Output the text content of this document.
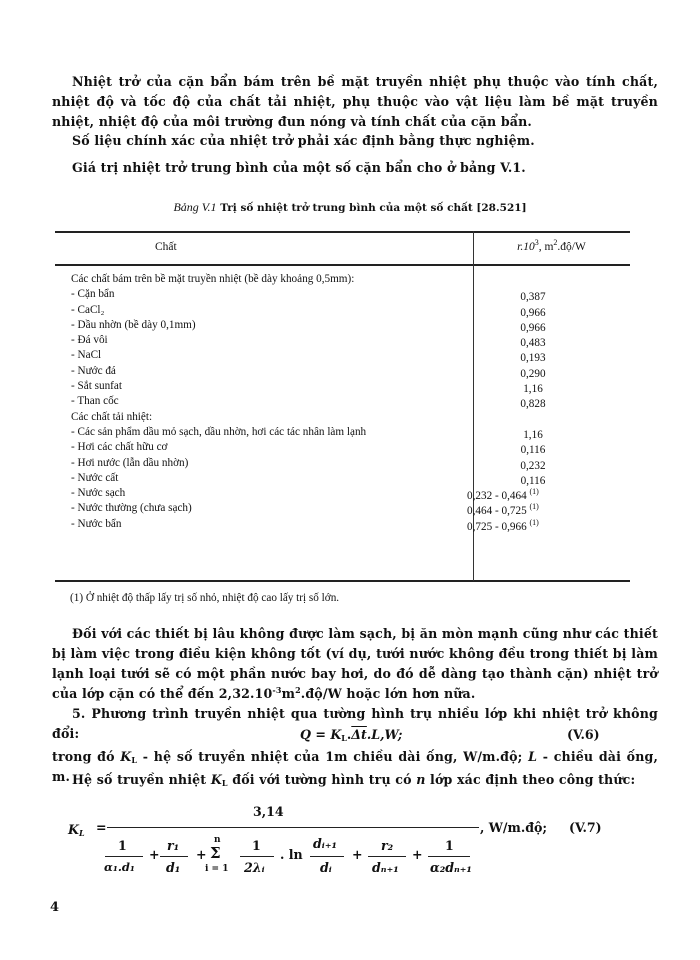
Nhiệt trở của cặn bẩn bám trên bề mặt truyền nhiệt phụ thuộc vào tính chất, nhiệt độ và tốc độ của chất tải nhiệt, phụ thuộc vào vật liệu làm bề mặt truyền nhiệt, nhiệt độ của môi trường đun nóng và tính chất của cặn bẩn.
Số liệu chính xác của nhiệt trở phải xác định bằng thực nghiệm.
Giá trị nhiệt trở trung bình của một số cặn bẩn cho ở bảng V.1.
Bảng V.1 Trị số nhiệt trở trung bình của một số chất [28.521]
Chất	$r.10^3$, $m^2.độ/W$
Các chất bám trên bề mặt truyền nhiệt (bề dày khoảng 0,5mm):
- Cặn bẩn	0,387
- CaCl₂	0,966
- Dầu nhờn (bề dày 0,1mm)	0,966
- Đá vôi	0,483
- NaCl	0,193
- Nước đá	0,290
- Sắt sunfat	1,16
- Than cốc	0,828
Các chất tải nhiệt:
- Các sản phẩm dầu mỏ sạch, dầu nhờn, hơi các tác nhân làm lạnh	1,16
- Hơi các chất hữu cơ	0,116
- Hơi nước (lẫn dầu nhờn)	0,232
- Nước cất	0,116
- Nước sạch	0,232 - 0,464 $^{(1)}$
- Nước thường (chưa sạch)	0,464 - 0,725 $^{(1)}$
- Nước bẩn	0,725 - 0,966 $^{(1)}$
(1) Ở nhiệt độ thấp lấy trị số nhỏ, nhiệt độ cao lấy trị số lớn.
Đối với các thiết bị lâu không được làm sạch, bị ăn mòn mạnh cũng như các thiết bị làm việc trong điều kiện không tốt (ví dụ, tưới nước không đều trong thiết bị làm lạnh loại tưới sẽ có một phần nước bay hơi, do đó dễ dàng tạo thành cặn) nhiệt trở của lớp cặn có thể đến $2,32.10^{-3}m^2.độ/W$ hoặc lớn hơn nữa.
5. Phương trình truyền nhiệt qua tường hình trụ nhiều lớp khi nhiệt trở không đổi:	$Q = K_L.\overline{\Delta t}.L,W$;	(V.6)
trong đó $K_L$ - hệ số truyền nhiệt của 1m chiều dài ống, W/m.độ; L - chiều dài ống, m. Hệ số truyền nhiệt $K_L$ đối với tường hình trụ có n lớp xác định theo công thức:
$K_L$ =
3,14
1
α₁.d₁
+
r₁
d₁
+
n
Σ
i = 1
1
2λᵢ
. ln
dᵢ₊₁
dᵢ
+
r₂
dₙ₊₁
+
1
α₂dₙ₊₁
, W/m.độ; (V.7)
4
